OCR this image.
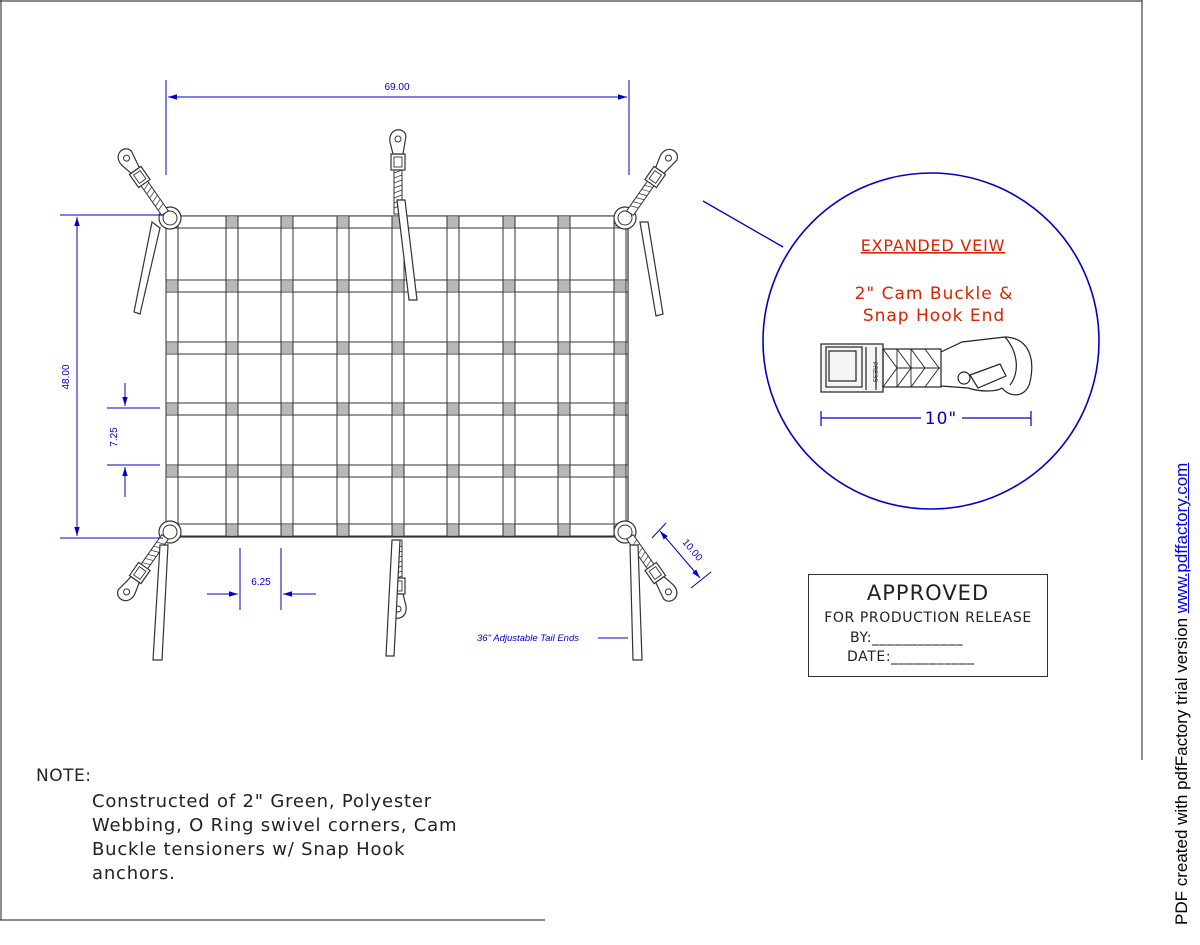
69.00
48.00
7.25
6.25
10.00
36" Adjustable Tail Ends
EXPANDED VEIW
2" Cam Buckle &
Snap Hook End
PRESS
10"
APPROVED
FOR PRODUCTION RELEASE
BY:____________
DATE:___________
NOTE:
Constructed of 2" Green, Polyester
Webbing, O Ring swivel corners, Cam
Buckle tensioners w/ Snap Hook
anchors.	PDF created with pdfFactory trial version www.pdffactory.com
